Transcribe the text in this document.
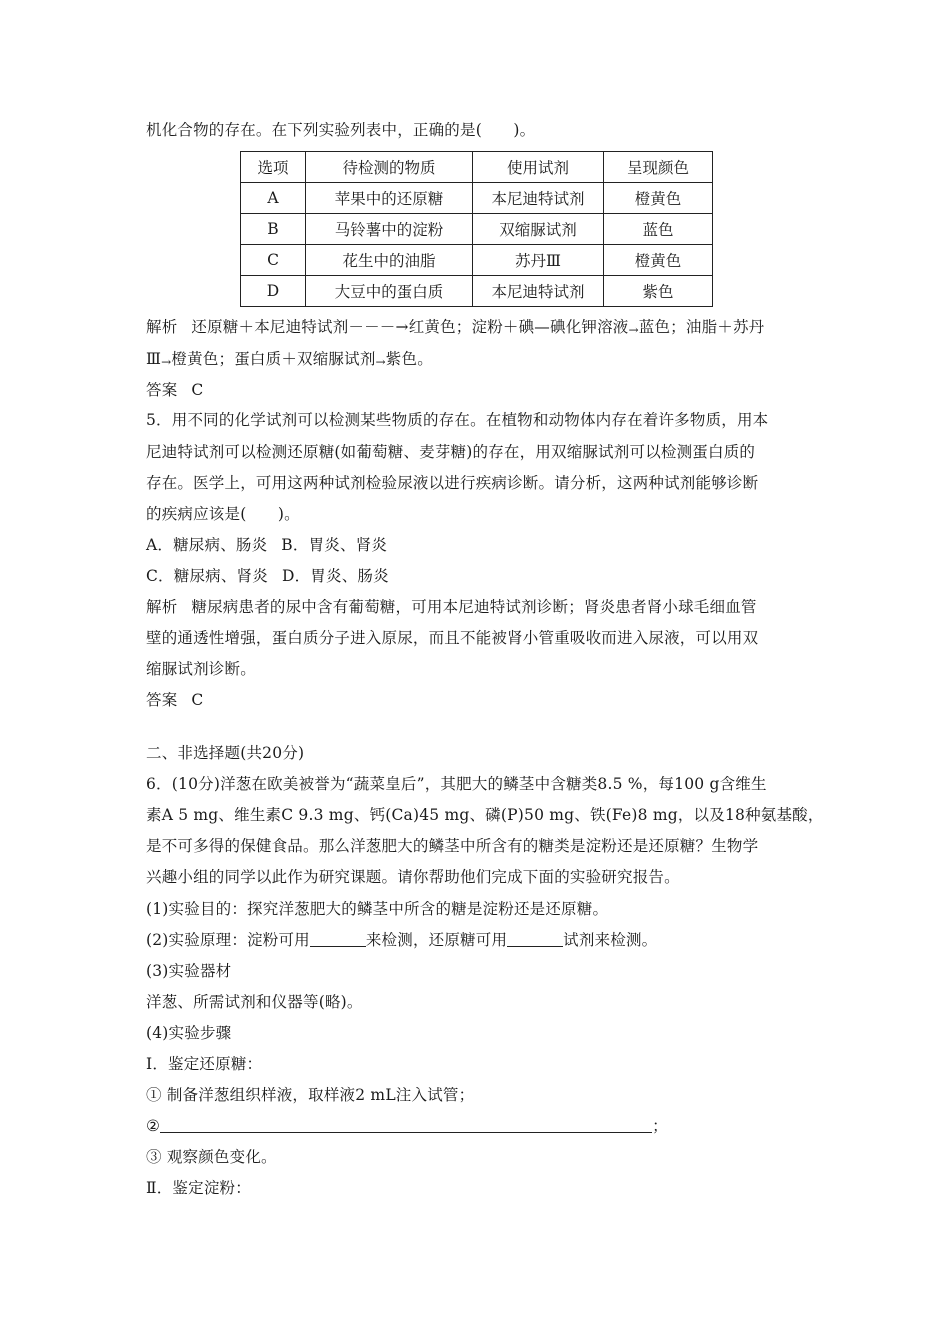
机化合物的存在。在下列实验列表中，正确的是(　　)。
选项	待检测的物质	使用试剂	呈现颜色
A	苹果中的还原糖	本尼迪特试剂	橙黄色
B	马铃薯中的淀粉	双缩脲试剂	蓝色
C	花生中的油脂	苏丹Ⅲ	橙黄色
D	大豆中的蛋白质	本尼迪特试剂	紫色
解析 还原糖＋本尼迪特试剂－－－→红黄色；淀粉＋碘—碘化钾溶液→蓝色；油脂＋苏丹
Ⅲ→橙黄色；蛋白质＋双缩脲试剂→紫色。
答案 C
5．用不同的化学试剂可以检测某些物质的存在。在植物和动物体内存在着许多物质，用本
尼迪特试剂可以检测还原糖(如葡萄糖、麦芽糖)的存在，用双缩脲试剂可以检测蛋白质的
存在。医学上，可用这两种试剂检验尿液以进行疾病诊断。请分析，这两种试剂能够诊断
的疾病应该是(　　)。
A．糖尿病、肠炎 B．胃炎、肾炎
C．糖尿病、肾炎 D．胃炎、肠炎
解析 糖尿病患者的尿中含有葡萄糖，可用本尼迪特试剂诊断；肾炎患者肾小球毛细血管
壁的通透性增强，蛋白质分子进入原尿，而且不能被肾小管重吸收而进入尿液，可以用双
缩脲试剂诊断。
答案 C
二、非选择题(共20分)
6．(10分)洋葱在欧美被誉为“蔬菜皇后”，其肥大的鳞茎中含糖类8.5 %，每100 g含维生
素A 5 mg、维生素C 9.3 mg、钙(Ca)45 mg、磷(P)50 mg、铁(Fe)8 mg，以及18种氨基酸，
是不可多得的保健食品。那么洋葱肥大的鳞茎中所含有的糖类是淀粉还是还原糖？生物学
兴趣小组的同学以此作为研究课题。请你帮助他们完成下面的实验研究报告。
(1)实验目的：探究洋葱肥大的鳞茎中所含的糖是淀粉还是还原糖。
(2)实验原理：淀粉可用	来检测，还原糖可用	试剂来检测。
(3)实验器材
洋葱、所需试剂和仪器等(略)。
(4)实验步骤
Ⅰ．鉴定还原糖：
① 制备洋葱组织样液，取样液2 mL注入试管；
②	；
③ 观察颜色变化。
Ⅱ．鉴定淀粉：
